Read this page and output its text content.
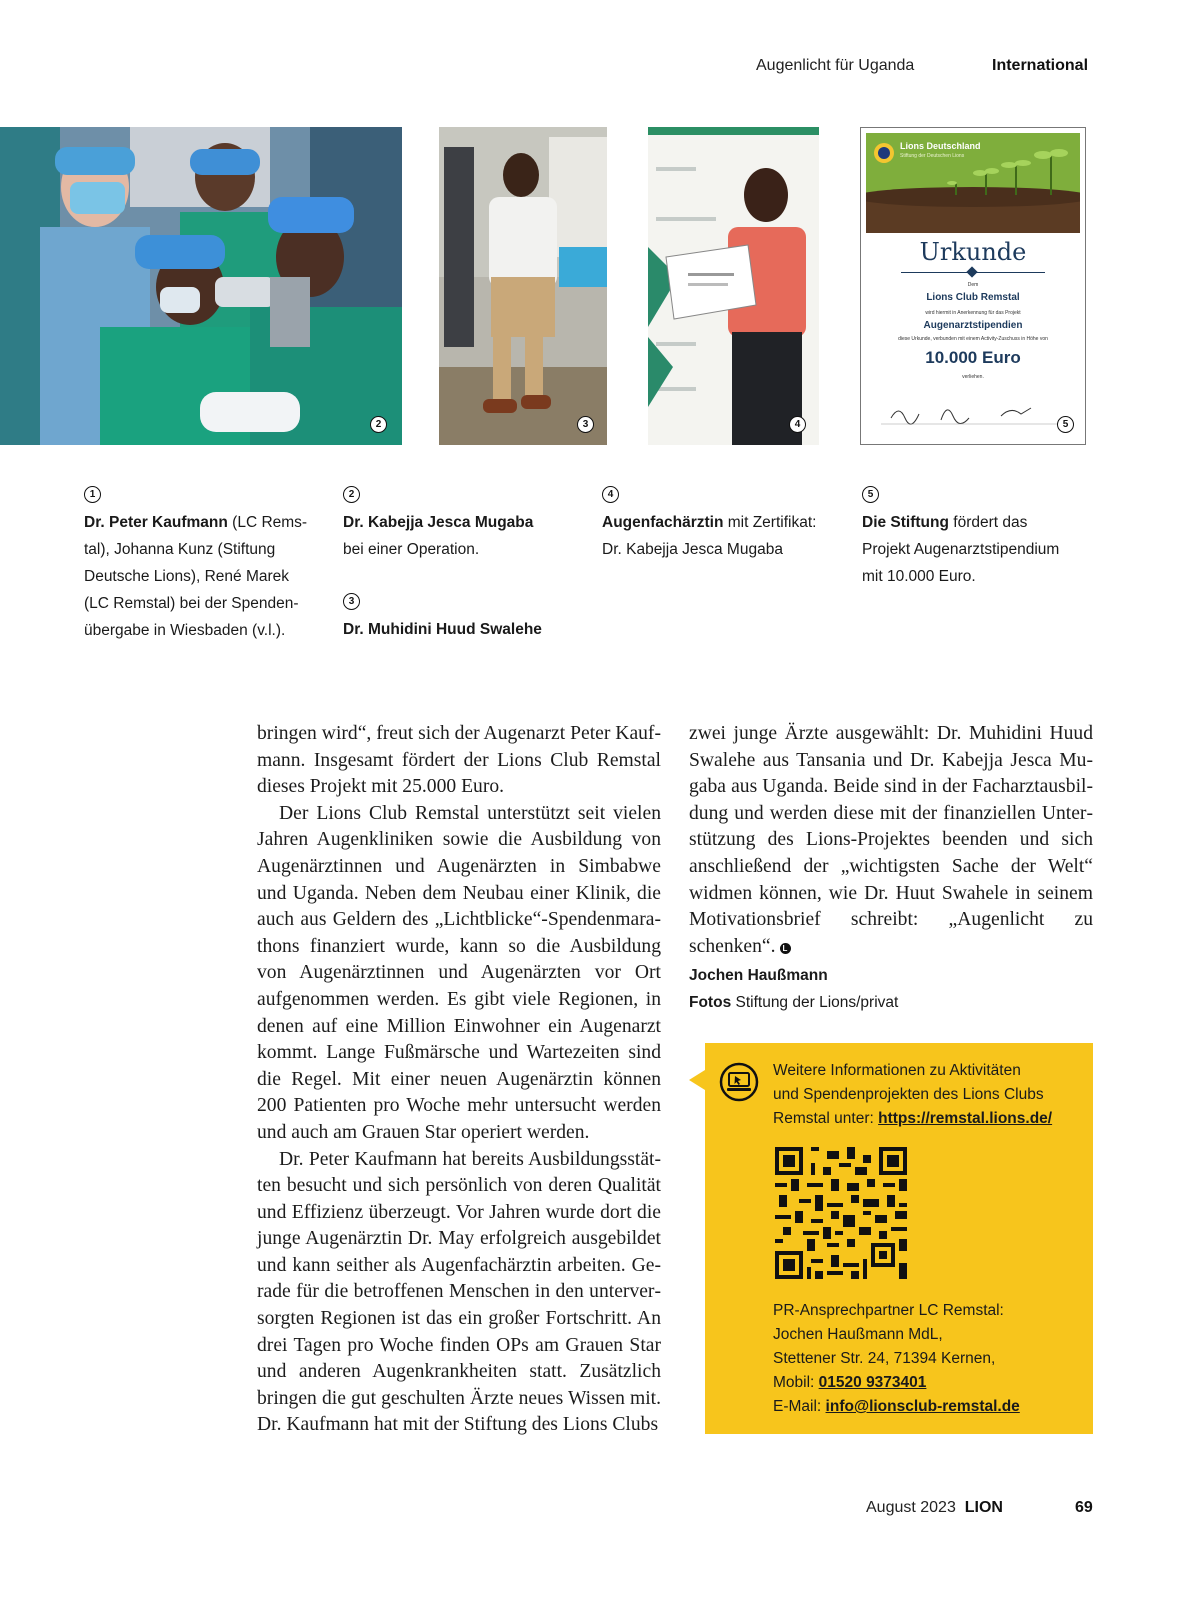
Augenlicht für Uganda	International
2	3	4
Lions Deutschland
Stiftung der Deutschen Lions
Urkunde
Dem
Lions Club Remstal
wird hiermit in Anerkennung für das Projekt
Augenarztstipendien
diese Urkunde, verbunden mit einem Activity-Zuschuss in Höhe von
10.000 Euro
verliehen.
5
1
Dr. Peter Kaufmann (LC Rems-
tal), Johanna Kunz (Stiftung
Deutsche Lions), René Marek
(LC Remstal) bei der Spenden-
übergabe in Wiesbaden (v.l.).
2
Dr. Kabejja Jesca Mugaba
bei einer Operation.
3
Dr. Muhidini Huud Swalehe
4
Augenfachärztin mit Zertifikat:
Dr. Kabejja Jesca Mugaba
5
Die Stiftung fördert das
Projekt Augenarztstipendium
mit 10.000 Euro.

bringen wird“, freut sich der Augenarzt Peter Kaufmann. Insgesamt fördert der Lions Club Remstal dieses Projekt mit 25.000 Euro.

Der Lions Club Remstal unterstützt seit vielen Jahren Augenkliniken sowie die Ausbildung von Augenärztinnen und Augenärzten in Simbabwe und Uganda. Neben dem Neubau einer Klinik, die auch aus Geldern des „Lichtblicke“-Spendenmarathons finanziert wurde, kann so die Ausbildung von Augenärztinnen und Augenärzten vor Ort aufgenommen werden. Es gibt viele Regionen, in denen auf eine Million Einwohner ein Augenarzt kommt. Lange Fußmärsche und Wartezeiten sind die Regel. Mit einer neuen Augenärztin können 200 Patienten pro Woche mehr untersucht werden und auch am Grauen Star operiert werden.

Dr. Peter Kaufmann hat bereits Ausbildungsstätten besucht und sich persönlich von deren Qualität und Effizienz überzeugt. Vor Jahren wurde dort die junge Augenärztin Dr. May erfolgreich ausgebildet und kann seither als Augenfachärztin arbeiten. Gerade für die betroffenen Menschen in den unterversorgten Regionen ist das ein großer Fortschritt. An drei Tagen pro Woche finden OPs am Grauen Star und anderen Augenkrankheiten statt. Zusätzlich bringen die gut geschulten Ärzte neues Wissen mit. Dr. Kaufmann hat mit der Stiftung des Lions Clubs

zwei junge Ärzte ausgewählt: Dr. Muhidini Huud Swalehe aus Tansania und Dr. Kabejja Jesca Mugaba aus Uganda. Beide sind in der Facharztausbildung und werden diese mit der finanziellen Unterstützung des Lions-Projektes beenden und sich anschließend der „wichtigsten Sache der Welt“ widmen können, wie Dr. Huut Swahele in seinem Motivationsbrief schreibt: „Augenlicht zu schenken“. L

Jochen Haußmann
Fotos Stiftung der Lions/privat
Weitere Informationen zu Aktivitäten
und Spendenprojekten des Lions Clubs
Remstal unter: https://remstal.lions.de/
PR-Ansprechpartner LC Remstal:
Jochen Haußmann MdL,
Stettener Str. 24, 71394 Kernen,
Mobil: 01520 9373401
E-Mail: info@lionsclub-remstal.de
August 2023 LION	69
